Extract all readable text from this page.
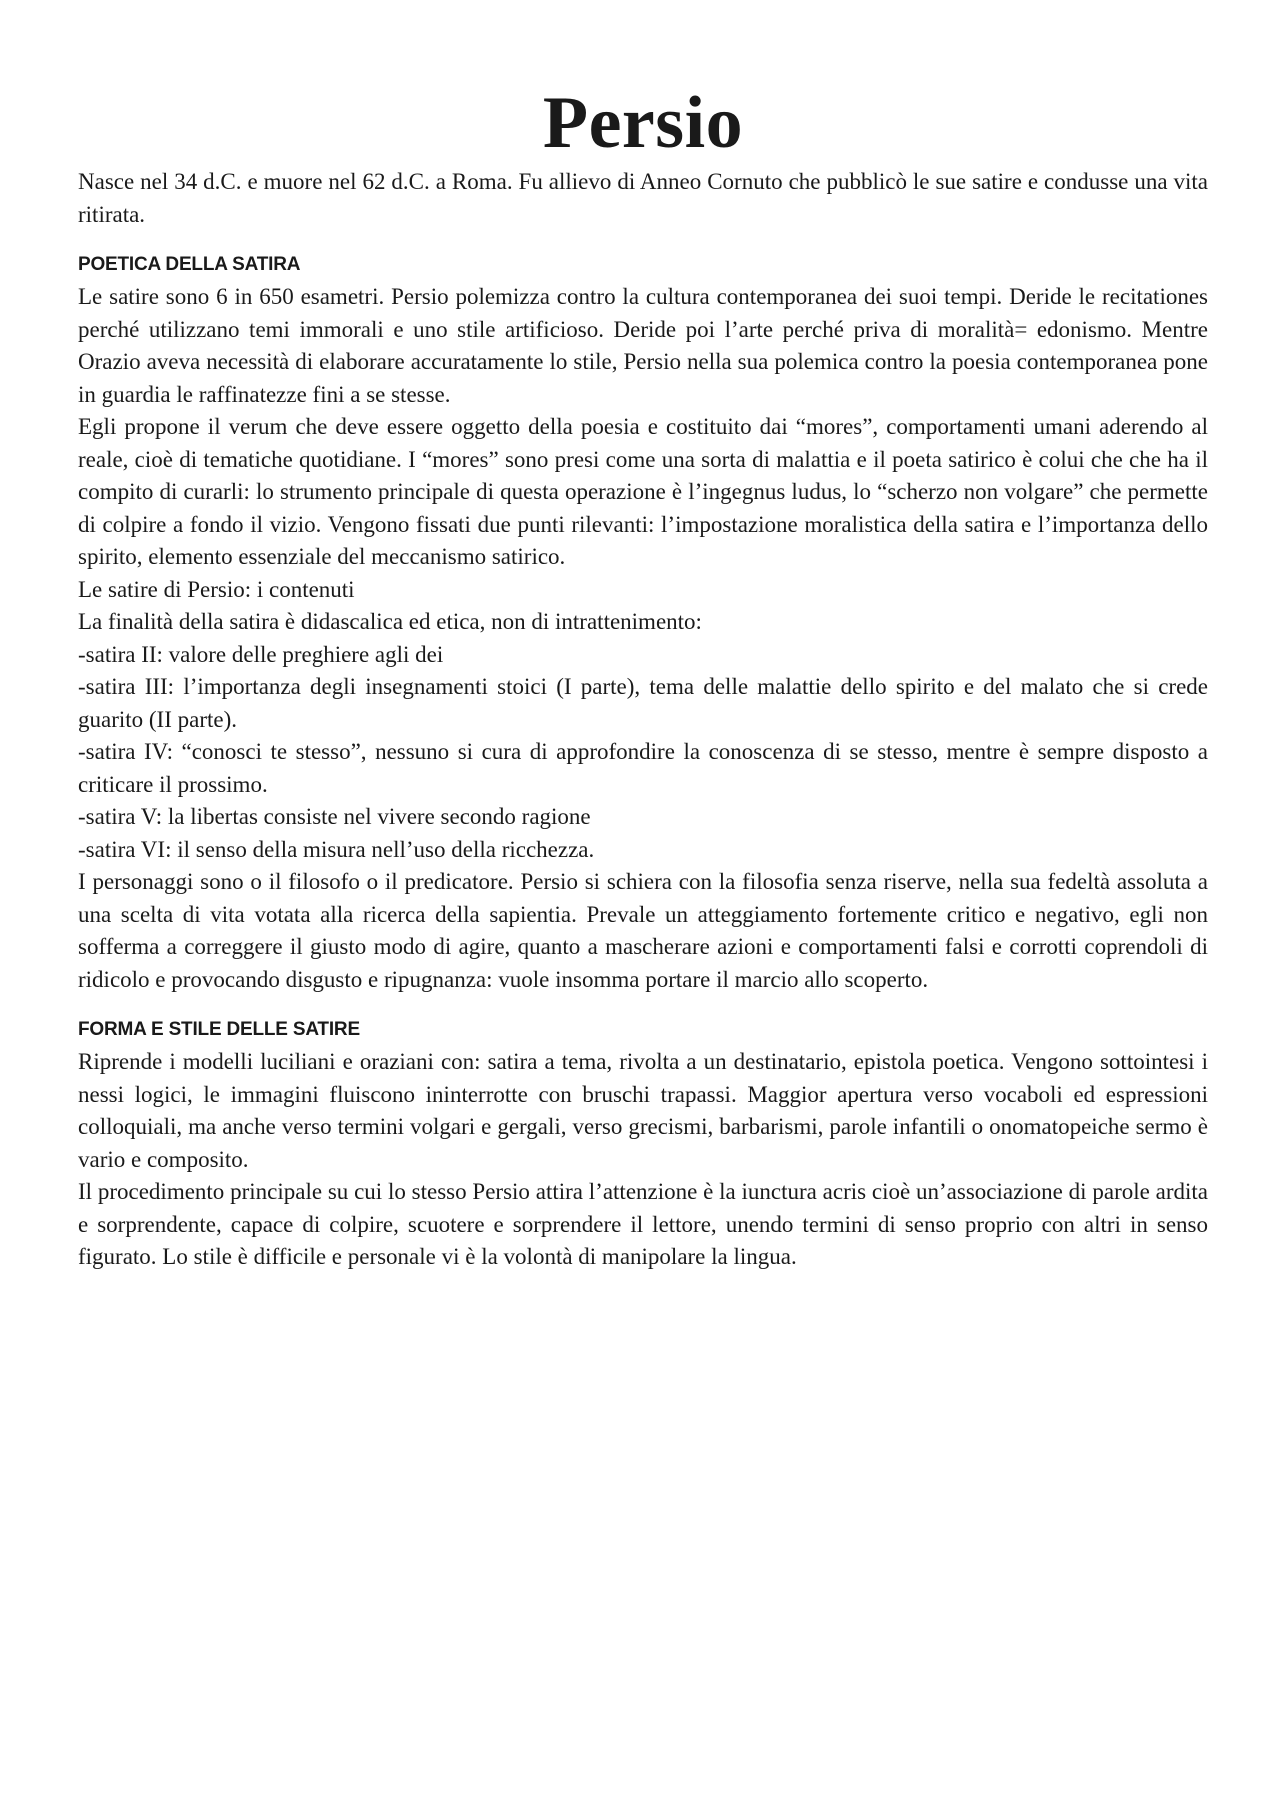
Persio

Nasce nel 34 d.C. e muore nel 62 d.C. a Roma. Fu allievo di Anneo Cornuto che pubblicò le sue satire e condusse una vita ritirata.

POETICA DELLA SATIRA

Le satire sono 6 in 650 esametri. Persio polemizza contro la cultura contemporanea dei suoi tempi. Deride le recitationes perché utilizzano temi immorali e uno stile artificioso. Deride poi l’arte perché priva di moralità= edonismo. Mentre Orazio aveva necessità di elaborare accuratamente lo stile, Persio nella sua polemica contro la poesia contemporanea pone in guardia le raffinatezze fini a se stesse.

Egli propone il verum che deve essere oggetto della poesia e costituito dai “mores”, comportamenti umani aderendo al reale, cioè di tematiche quotidiane. I “mores” sono presi come una sorta di malattia e il poeta satirico è colui che che ha il compito di curarli: lo strumento principale di questa operazione è l’ingegnus ludus, lo “scherzo non volgare” che permette di colpire a fondo il vizio. Vengono fissati due punti rilevanti: l’impostazione moralistica della satira e l’importanza dello spirito, elemento essenziale del meccanismo satirico.

Le satire di Persio: i contenuti

La finalità della satira è didascalica ed etica, non di intrattenimento:

-satira II: valore delle preghiere agli dei

-satira III: l’importanza degli insegnamenti stoici (I parte), tema delle malattie dello spirito e del malato che si crede guarito (II parte).

-satira IV: “conosci te stesso”, nessuno si cura di approfondire la conoscenza di se stesso, mentre è sempre disposto a criticare il prossimo.

-satira V: la libertas consiste nel vivere secondo ragione

-satira VI: il senso della misura nell’uso della ricchezza.

I personaggi sono o il filosofo o il predicatore. Persio si schiera con la filosofia senza riserve, nella sua fedeltà assoluta a una scelta di vita votata alla ricerca della sapientia. Prevale un atteggiamento fortemente critico e negativo, egli non sofferma a correggere il giusto modo di agire, quanto a mascherare azioni e comportamenti falsi e corrotti coprendoli di ridicolo e provocando disgusto e ripugnanza: vuole insomma portare il marcio allo scoperto.

FORMA E STILE DELLE SATIRE

Riprende i modelli luciliani e oraziani con: satira a tema, rivolta a un destinatario, epistola poetica. Vengono sottointesi i nessi logici, le immagini fluiscono ininterrotte con bruschi trapassi. Maggior apertura verso vocaboli ed espressioni colloquiali, ma anche verso termini volgari e gergali, verso grecismi, barbarismi, parole infantili o onomatopeiche sermo è vario e composito.

Il procedimento principale su cui lo stesso Persio attira l’attenzione è la iunctura acris cioè un’associazione di parole ardita e sorprendente, capace di colpire, scuotere e sorprendere il lettore, unendo termini di senso proprio con altri in senso figurato. Lo stile è difficile e personale vi è la volontà di manipolare la lingua.
